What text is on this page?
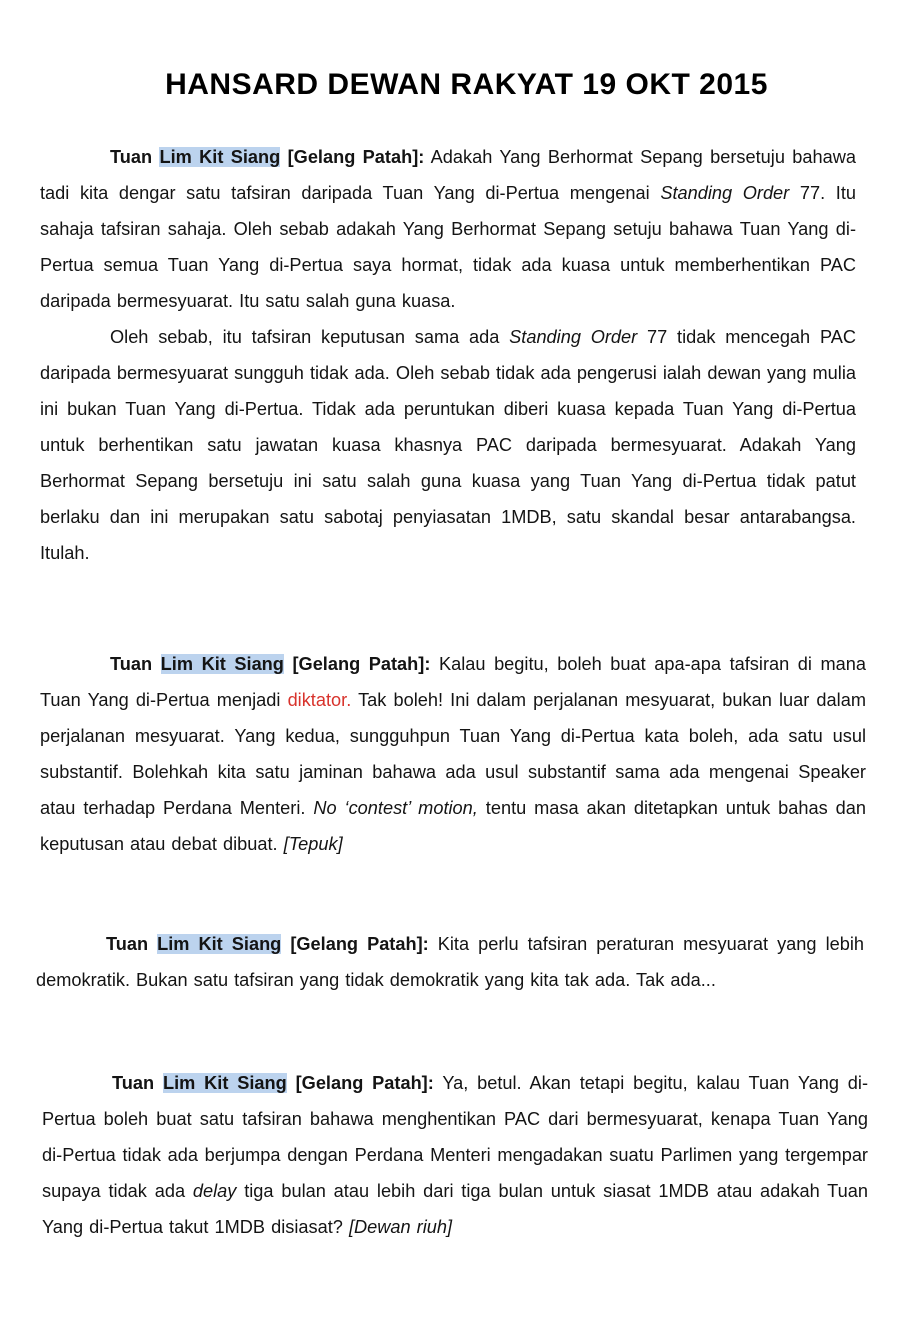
HANSARD DEWAN RAKYAT 19 OKT 2015

Tuan Lim Kit Siang [Gelang Patah]: Adakah Yang Berhormat Sepang bersetuju bahawa tadi kita dengar satu tafsiran daripada Tuan Yang di-Pertua mengenai Standing Order 77. Itu sahaja tafsiran sahaja. Oleh sebab adakah Yang Berhormat Sepang setuju bahawa Tuan Yang di-Pertua semua Tuan Yang di-Pertua saya hormat, tidak ada kuasa untuk memberhentikan PAC daripada bermesyuarat. Itu satu salah guna kuasa.

Oleh sebab, itu tafsiran keputusan sama ada Standing Order 77 tidak mencegah PAC daripada bermesyuarat sungguh tidak ada. Oleh sebab tidak ada pengerusi ialah dewan yang mulia ini bukan Tuan Yang di-Pertua. Tidak ada peruntukan diberi kuasa kepada Tuan Yang di-Pertua untuk berhentikan satu jawatan kuasa khasnya PAC daripada bermesyuarat. Adakah Yang Berhormat Sepang bersetuju ini satu salah guna kuasa yang Tuan Yang di-Pertua tidak patut berlaku dan ini merupakan satu sabotaj penyiasatan 1MDB, satu skandal besar antarabangsa. Itulah.

Tuan Lim Kit Siang [Gelang Patah]: Kalau begitu, boleh buat apa-apa tafsiran di mana Tuan Yang di-Pertua menjadi diktator. Tak boleh! Ini dalam perjalanan mesyuarat, bukan luar dalam perjalanan mesyuarat. Yang kedua, sungguhpun Tuan Yang di-Pertua kata boleh, ada satu usul substantif. Bolehkah kita satu jaminan bahawa ada usul substantif sama ada mengenai Speaker atau terhadap Perdana Menteri. No ‘contest’ motion, tentu masa akan ditetapkan untuk bahas dan keputusan atau debat dibuat. [Tepuk]

Tuan Lim Kit Siang [Gelang Patah]: Kita perlu tafsiran peraturan mesyuarat yang lebih demokratik. Bukan satu tafsiran yang tidak demokratik yang kita tak ada. Tak ada...

Tuan Lim Kit Siang [Gelang Patah]: Ya, betul. Akan tetapi begitu, kalau Tuan Yang di-Pertua boleh buat satu tafsiran bahawa menghentikan PAC dari bermesyuarat, kenapa Tuan Yang di-Pertua tidak ada berjumpa dengan Perdana Menteri mengadakan suatu Parlimen yang tergempar supaya tidak ada delay tiga bulan atau lebih dari tiga bulan untuk siasat 1MDB atau adakah Tuan Yang di-Pertua takut 1MDB disiasat? [Dewan riuh]
